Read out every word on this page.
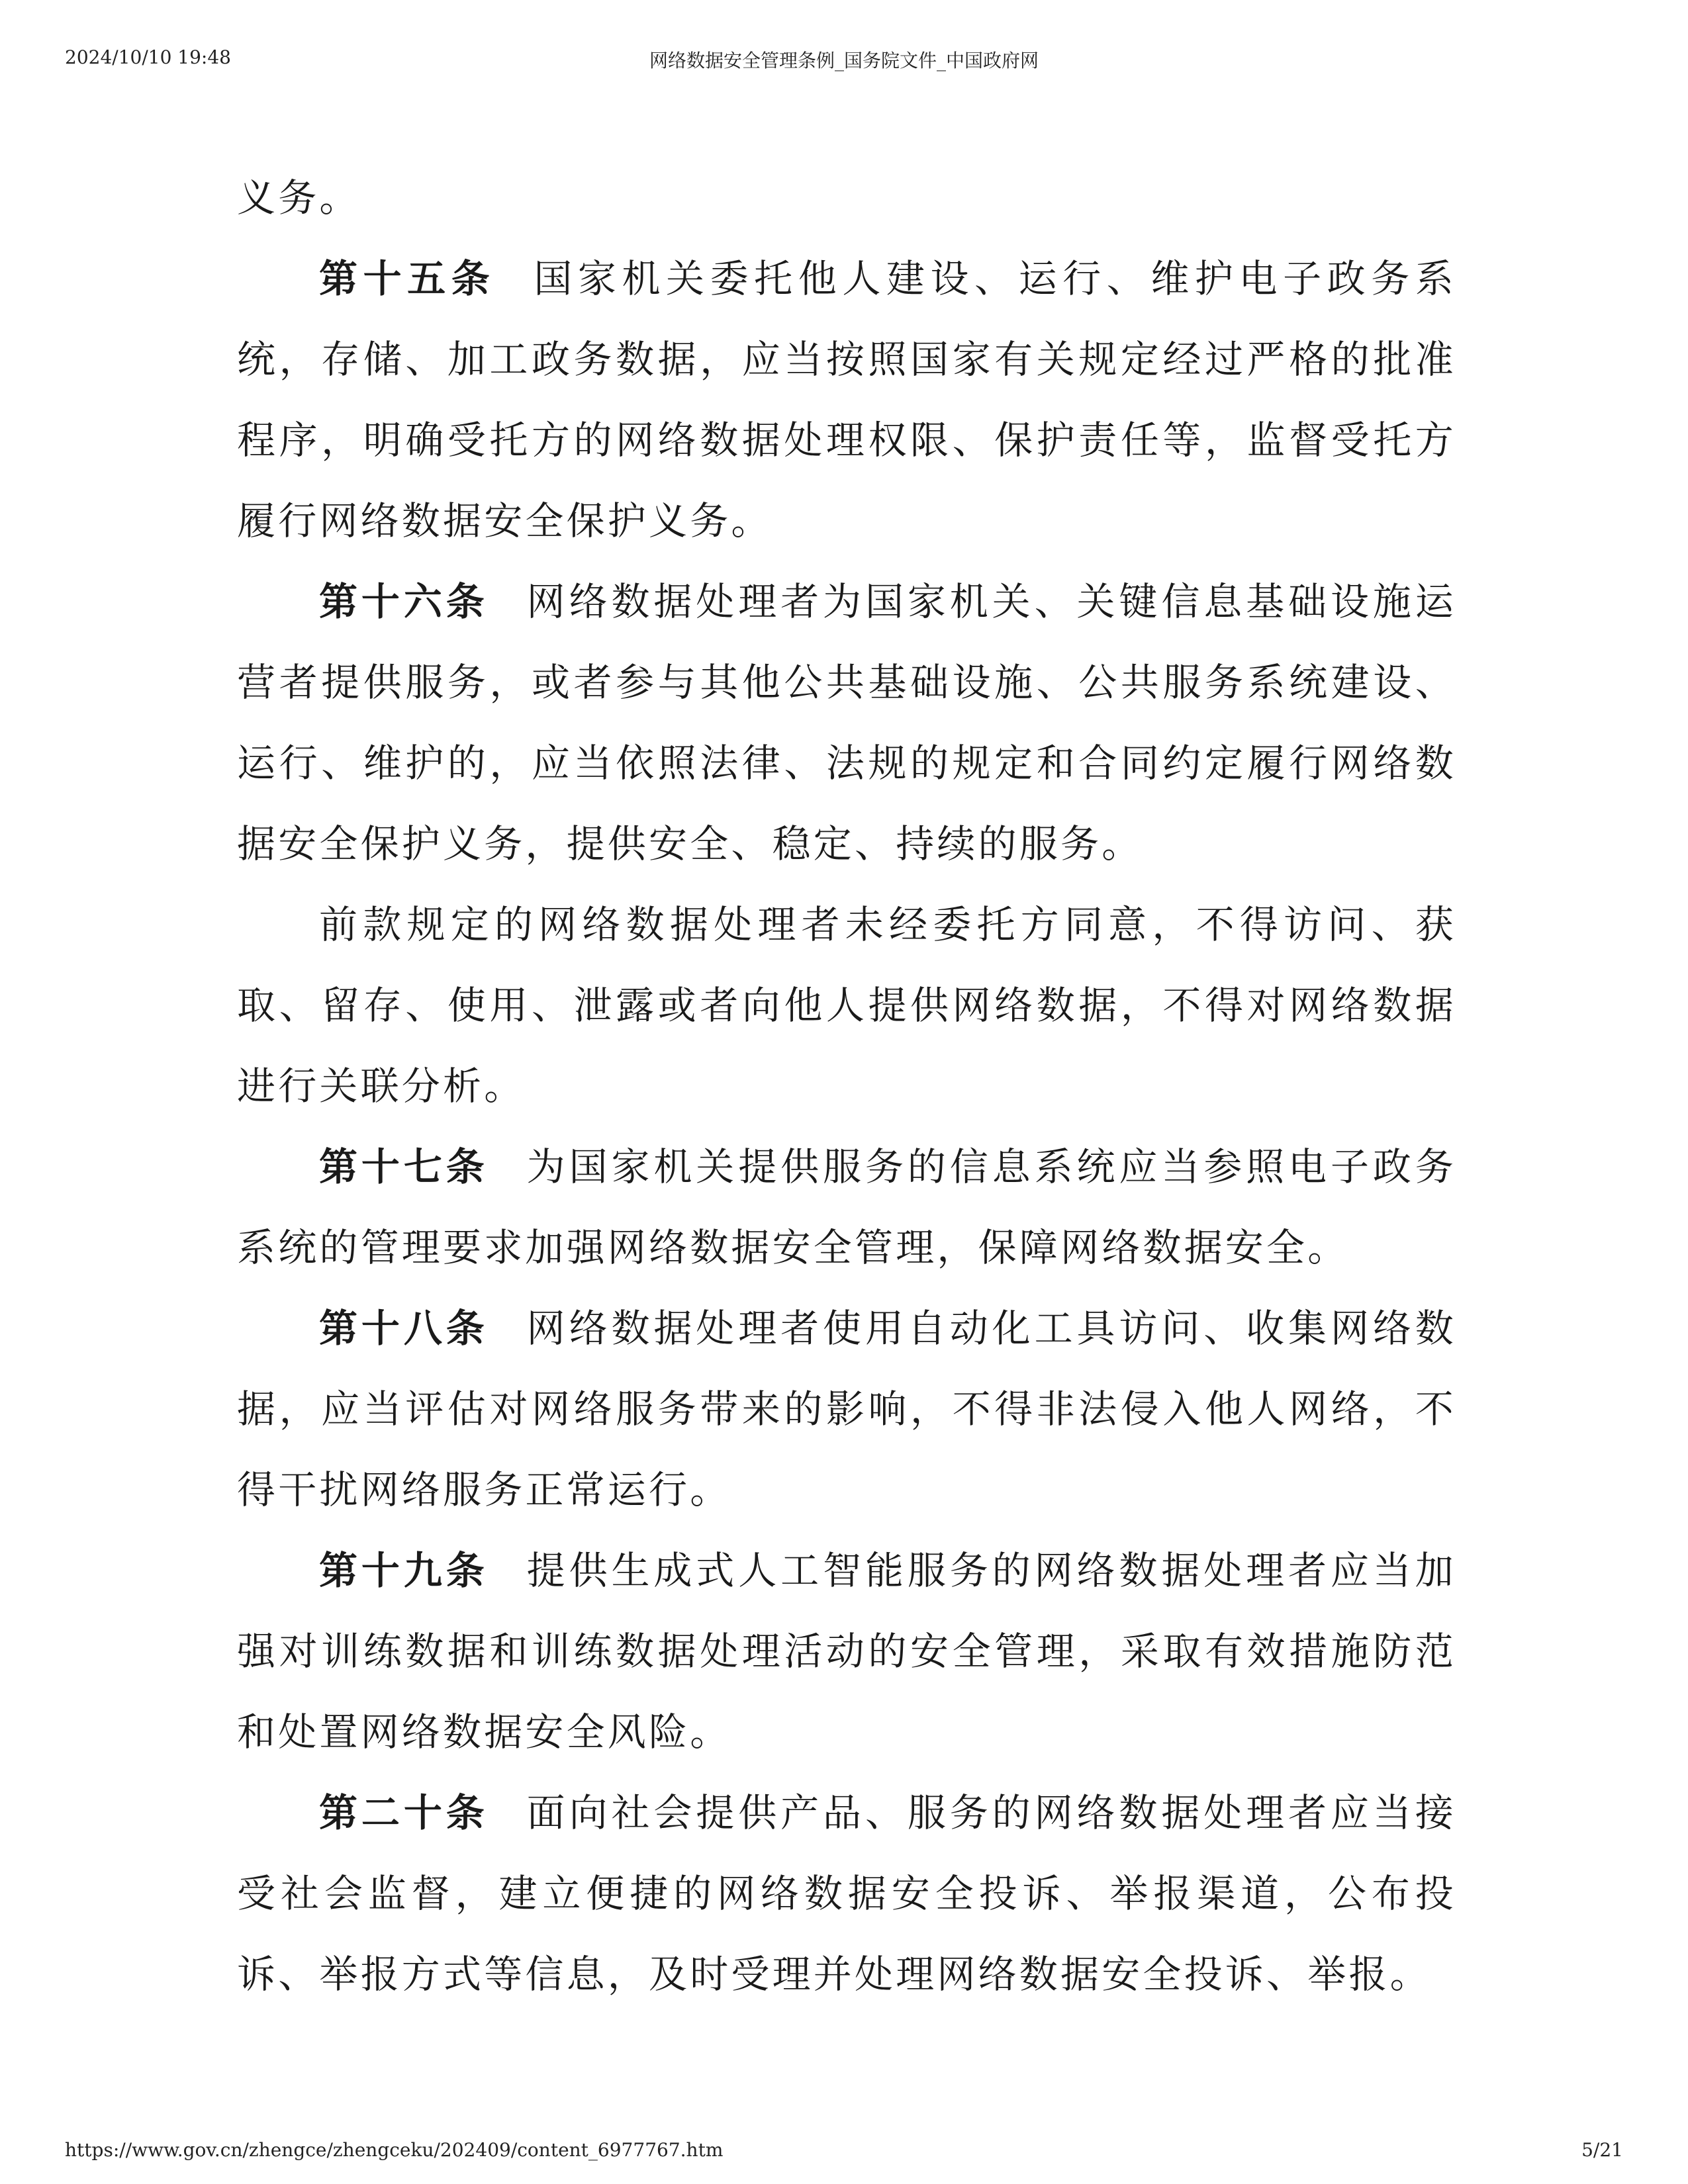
2024/10/10 19:48	网络数据安全管理条例_国务院文件_中国政府网

义务。

第十五条 国家机关委托他人建设、运行、维护电子政务系统，存储、加工政务数据，应当按照国家有关规定经过严格的批准程序，明确受托方的网络数据处理权限、保护责任等，监督受托方履行网络数据安全保护义务。

第十六条 网络数据处理者为国家机关、关键信息基础设施运营者提供服务，或者参与其他公共基础设施、公共服务系统建设、运行、维护的，应当依照法律、法规的规定和合同约定履行网络数据安全保护义务，提供安全、稳定、持续的服务。

前款规定的网络数据处理者未经委托方同意，不得访问、获取、留存、使用、泄露或者向他人提供网络数据，不得对网络数据进行关联分析。

第十七条 为国家机关提供服务的信息系统应当参照电子政务系统的管理要求加强网络数据安全管理，保障网络数据安全。

第十八条 网络数据处理者使用自动化工具访问、收集网络数据，应当评估对网络服务带来的影响，不得非法侵入他人网络，不得干扰网络服务正常运行。

第十九条 提供生成式人工智能服务的网络数据处理者应当加强对训练数据和训练数据处理活动的安全管理，采取有效措施防范和处置网络数据安全风险。

第二十条 面向社会提供产品、服务的网络数据处理者应当接受社会监督，建立便捷的网络数据安全投诉、举报渠道，公布投诉、举报方式等信息，及时受理并处理网络数据安全投诉、举报。

https://www.gov.cn/zhengce/zhengceku/202409/content_6977767.htm	5/21
